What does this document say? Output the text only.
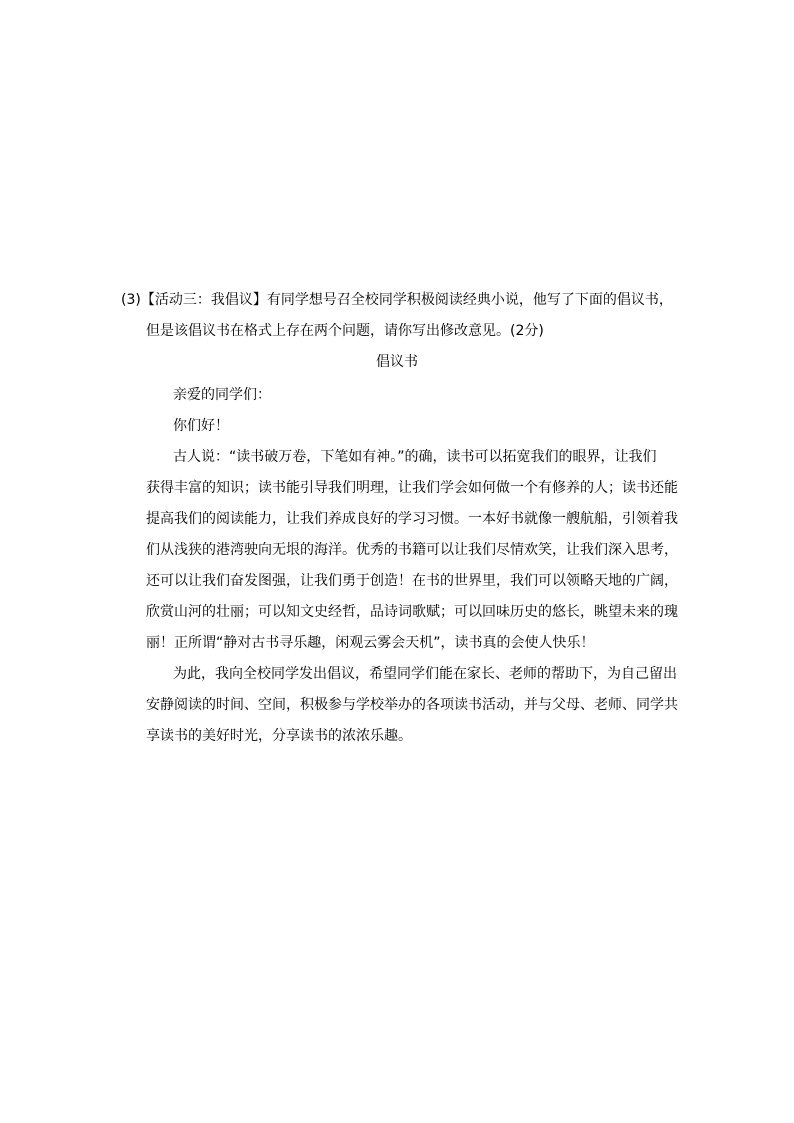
(3)【活动三：我倡议】有同学想号召全校同学积极阅读经典小说，他写了下面的倡议书，
但是该倡议书在格式上存在两个问题，请你写出修改意见。(2分)
倡议书
亲爱的同学们：
你们好！
古人说：“读书破万卷，下笔如有神。”的确，读书可以拓宽我们的眼界，让我们
获得丰富的知识；读书能引导我们明理，让我们学会如何做一个有修养的人；读书还能
提高我们的阅读能力，让我们养成良好的学习习惯。一本好书就像一艘航船，引领着我
们从浅狭的港湾驶向无垠的海洋。优秀的书籍可以让我们尽情欢笑，让我们深入思考，
还可以让我们奋发图强，让我们勇于创造！在书的世界里，我们可以领略天地的广阔，
欣赏山河的壮丽；可以知文史经哲，品诗词歌赋；可以回味历史的悠长，眺望未来的瑰
丽！正所谓“静对古书寻乐趣，闲观云雾会天机”，读书真的会使人快乐！
为此，我向全校同学发出倡议，希望同学们能在家长、老师的帮助下，为自己留出
安静阅读的时间、空间，积极参与学校举办的各项读书活动，并与父母、老师、同学共
享读书的美好时光，分享读书的浓浓乐趣。
